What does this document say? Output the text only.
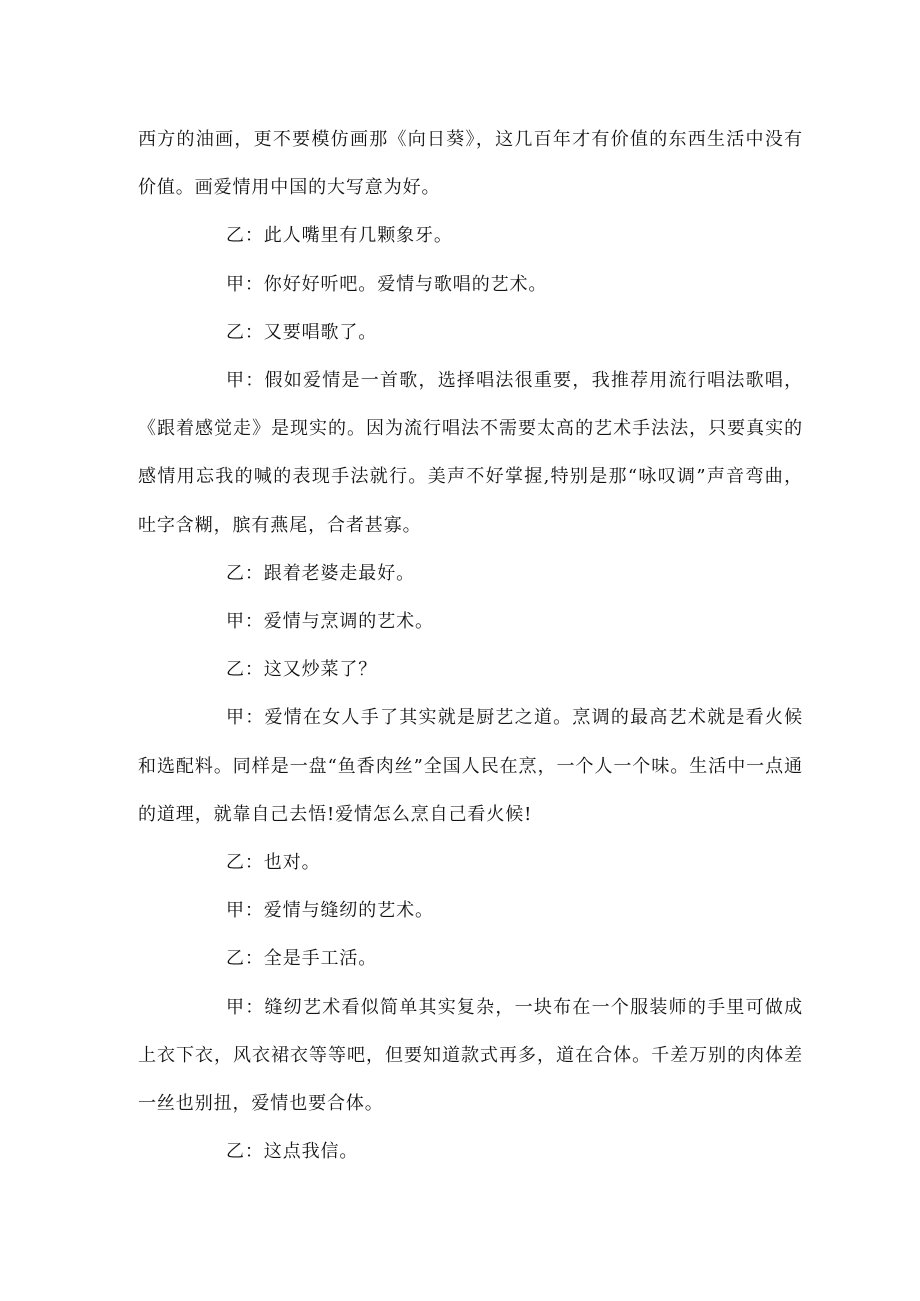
西方的油画，更不要模仿画那《向日葵》，这几百年才有价值的东西生活中没有价值。画爱情用中国的大写意为好。

乙：此人嘴里有几颗象牙。

甲：你好好听吧。爱情与歌唱的艺术。

乙：又要唱歌了。

甲：假如爱情是一首歌，选择唱法很重要，我推荐用流行唱法歌唱，《跟着感觉走》是现实的。因为流行唱法不需要太高的艺术手法法，只要真实的感情用忘我的喊的表现手法就行。美声不好掌握,特别是那“咏叹调”声音弯曲，吐字含糊，膑有燕尾，合者甚寡。

乙：跟着老婆走最好。

甲：爱情与烹调的艺术。

乙：这又炒菜了？

甲：爱情在女人手了其实就是厨艺之道。烹调的最高艺术就是看火候和选配料。同样是一盘“鱼香肉丝”全国人民在烹，一个人一个味。生活中一点通的道理，就靠自己去悟!爱情怎么烹自己看火候!

乙：也对。

甲：爱情与缝纫的艺术。

乙：全是手工活。

甲：缝纫艺术看似简单其实复杂，一块布在一个服装师的手里可做成上衣下衣，风衣裙衣等等吧，但要知道款式再多，道在合体。千差万别的肉体差一丝也别扭，爱情也要合体。

乙：这点我信。
